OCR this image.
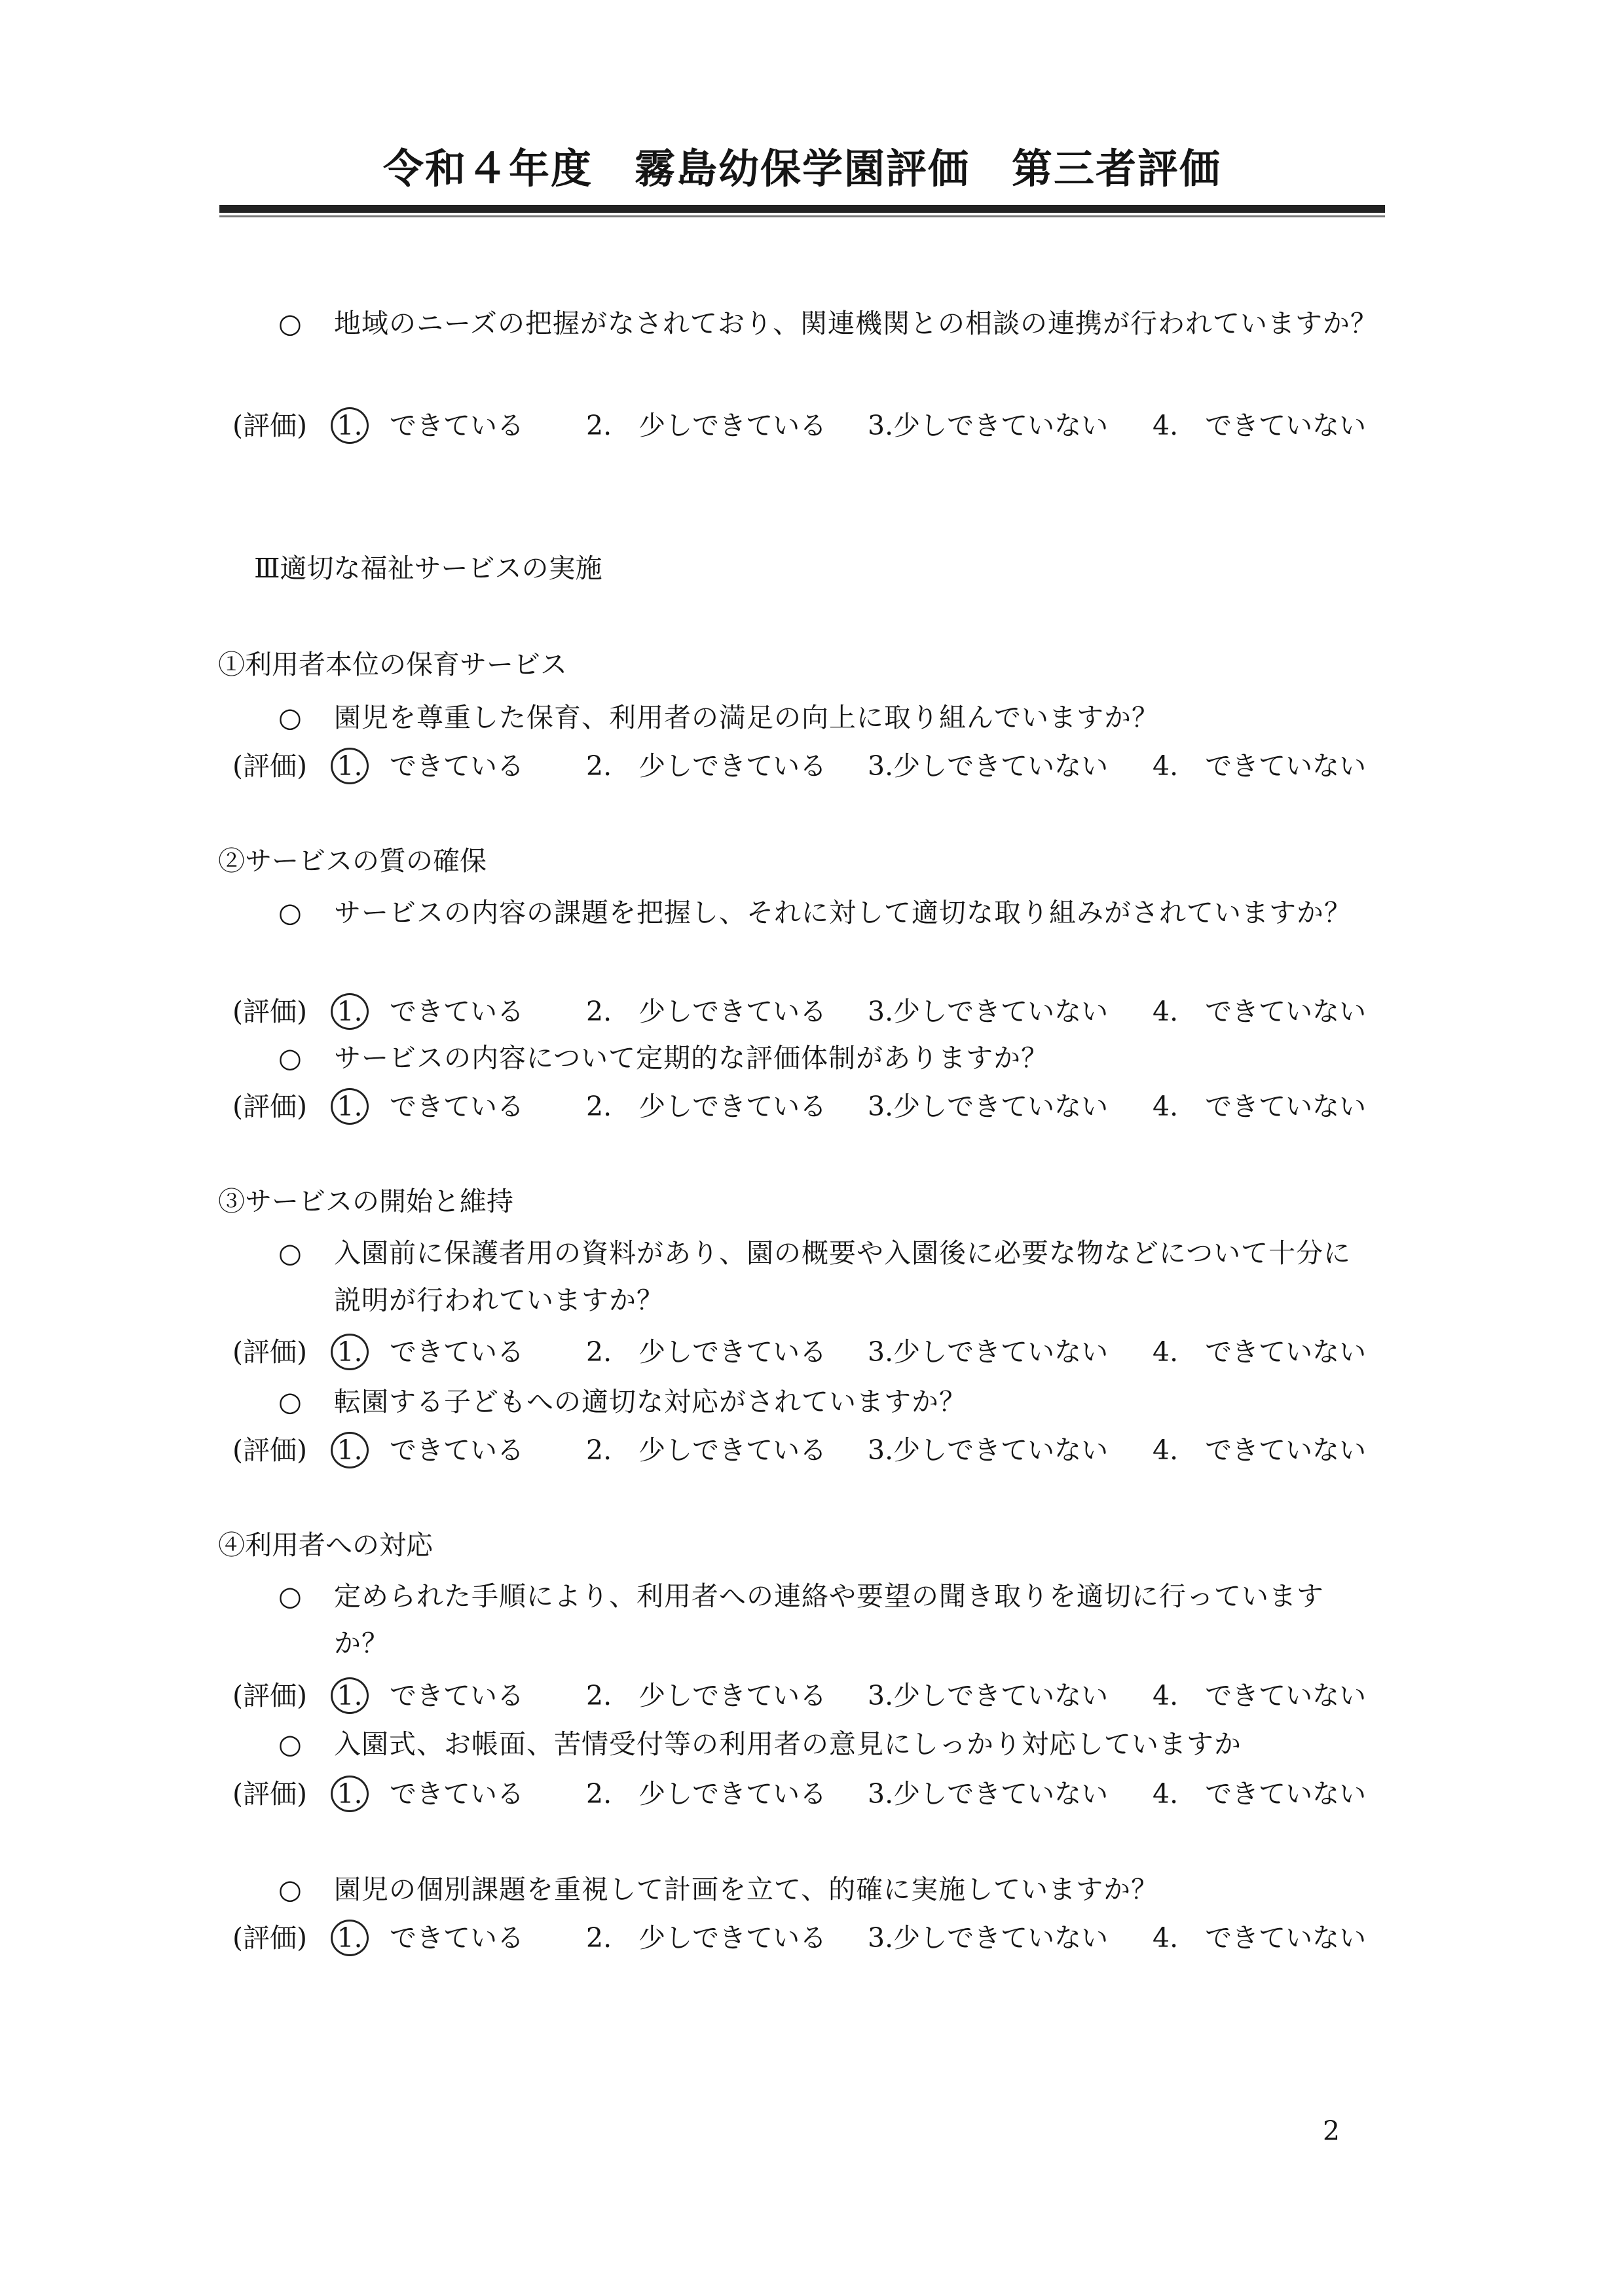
令和４年度　霧島幼保学園評価　第三者評価
○ 地域のニーズの把握がなされており、関連機関との相談の連携が行われていますか？
(評価) 1. できている 2.　少しできている 3.少しできていない 4.　できていない
Ⅲ適切な福祉サービスの実施
①利用者本位の保育サービス
○ 園児を尊重した保育、利用者の満足の向上に取り組んでいますか？
(評価) 1. できている 2.　少しできている 3.少しできていない 4.　できていない
②サービスの質の確保
○ サービスの内容の課題を把握し、それに対して適切な取り組みがされていますか？
(評価) 1. できている 2.　少しできている 3.少しできていない 4.　できていない
○ サービスの内容について定期的な評価体制がありますか？
(評価) 1. できている 2.　少しできている 3.少しできていない 4.　できていない
③サービスの開始と維持
○ 入園前に保護者用の資料があり、園の概要や入園後に必要な物などについて十分に説明が行われていますか？
(評価) 1. できている 2.　少しできている 3.少しできていない 4.　できていない
○ 転園する子どもへの適切な対応がされていますか？
(評価) 1. できている 2.　少しできている 3.少しできていない 4.　できていない
④利用者への対応
○ 定められた手順により、利用者への連絡や要望の聞き取りを適切に行っていますか？
(評価) 1. できている 2.　少しできている 3.少しできていない 4.　できていない
○ 入園式、お帳面、苦情受付等の利用者の意見にしっかり対応していますか
(評価) 1. できている 2.　少しできている 3.少しできていない 4.　できていない
○ 園児の個別課題を重視して計画を立て、的確に実施していますか？
(評価) 1. できている 2.　少しできている 3.少しできていない 4.　できていない
2
